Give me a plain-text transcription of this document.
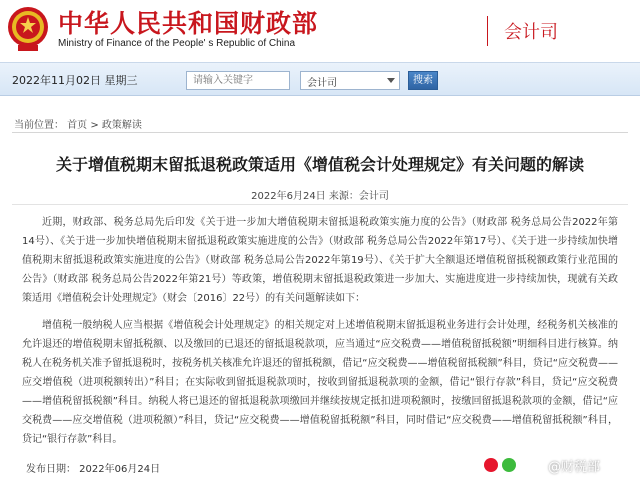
中华人民共和国财政部
Ministry of Finance of the People' s Republic of China
会计司
2022年11月02日 星期三
请输入关键字	会计司	搜索
当前位置： 首页 > 政策解读
关于增值税期末留抵退税政策适用《增值税会计处理规定》有关问题的解读
2022年6月24日 来源：会计司

近期，财政部、税务总局先后印发《关于进一步加大增值税期末留抵退税政策实施力度的公告》（财政部 税务总局公告2022年第14号）、《关于进一步加快增值税期末留抵退税政策实施进度的公告》（财政部 税务总局公告2022年第17号）、《关于进一步持续加快增值税期末留抵退税政策实施进度的公告》（财政部 税务总局公告2022年第19号）、《关于扩大全额退还增值税留抵税额政策行业范围的公告》（财政部 税务总局公告2022年第21号）等政策，增值税期末留抵退税政策进一步加大、实施进度进一步持续加快，现就有关政策适用《增值税会计处理规定》（财会〔2016〕22号）的有关问题解读如下：

增值税一般纳税人应当根据《增值税会计处理规定》的相关规定对上述增值税期末留抵退税业务进行会计处理，经税务机关核准的允许退还的增值税期末留抵税额、以及缴回的已退还的留抵退税款项，应当通过“应交税费——增值税留抵税额”明细科目进行核算。纳税人在税务机关准予留抵退税时，按税务机关核准允许退还的留抵税额，借记“应交税费——增值税留抵税额”科目，贷记“应交税费——应交增值税（进项税额转出）”科目；在实际收到留抵退税款项时，按收到留抵退税款项的金额，借记“银行存款”科目，贷记“应交税费——增值税留抵税额”科目。纳税人将已退还的留抵退税款项缴回并继续按规定抵扣进项税额时，按缴回留抵退税款项的金额，借记“应交税费——应交增值税（进项税额）”科目，贷记“应交税费——增值税留抵税额”科目，同时借记“应交税费——增值税留抵税额”科目，贷记“银行存款”科目。

发布日期： 2022年06月24日	@财税部
